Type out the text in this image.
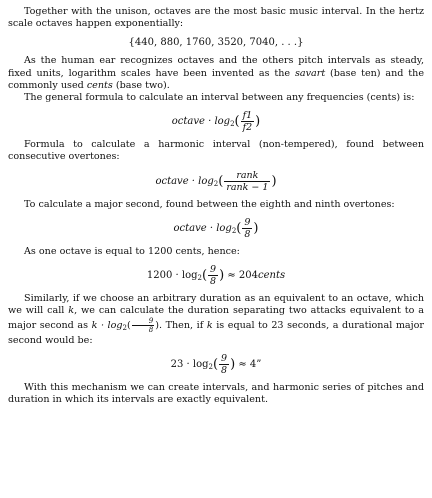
Together with the unison, octaves are the most basic music interval. In the hertz scale octaves happen exponentially:

{440, 880, 1760, 3520, 7040, . . .}

As the human ear recognizes octaves and the others pitch intervals as steady, fixed units, logarithm scales have been invented as the savart (base ten) and the commonly used cents (base two).

The general formula to calculate an interval between any frequencies (cents) is:

octave · $\log_2( \frac{f1}{f2}$ )

Formula to calculate a harmonic interval (non-tempered), found between consecutive overtones:

octave · $\log_2( \frac{\text{rank}}{\text{rank − 1}}$ )

To calculate a major second, found between the eighth and ninth overtones:

octave · $\log_2( \frac{9}{8}$ )

As one octave is equal to 1200 cents, hence:

$1200 \cdot \log_2( \frac{9}{8}$ ) ≈ 204cents

Similarly, if we choose an arbitrary duration as an equivalent to an octave, which we will call k, we can calculate the duration separating two attacks equivalent to a major second as $k \cdot \log_2( \frac{9}{8}$ ). Then, if k is equal to 23 seconds, a durational major second would be:

$23 \cdot \log_2( \frac{9}{8}$ ) ≈ 4”

With this mechanism we can create intervals, and harmonic series of pitches and duration in which its intervals are exactly equivalent.
